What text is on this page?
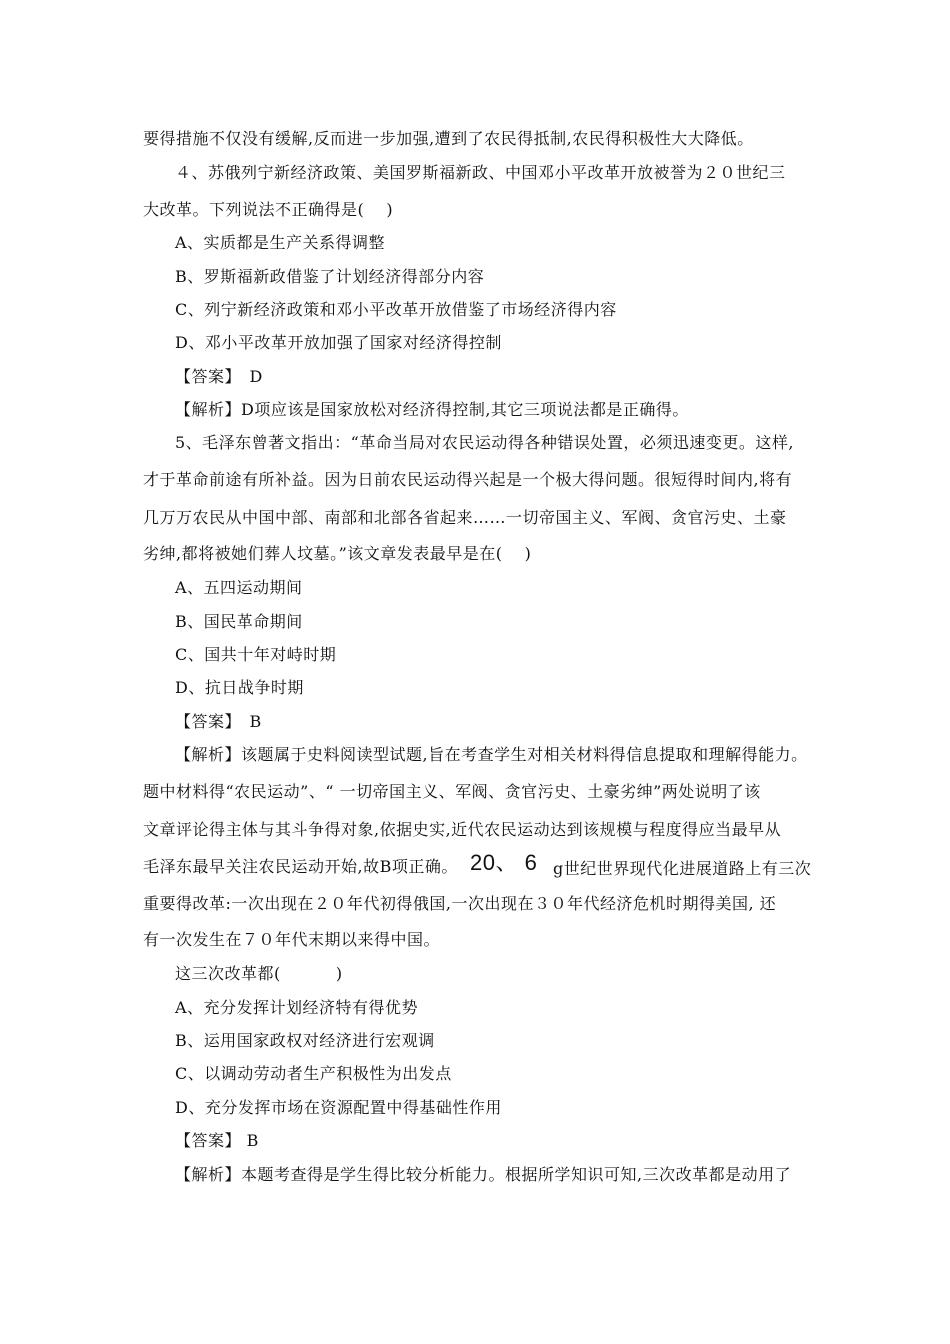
要得措施不仅没有缓解,反而进一步加强,遭到了农民得抵制,农民得积极性大大降低。
４、苏俄列宁新经济政策、美国罗斯福新政、中国邓小平改革开放被誉为２０世纪三
大改革。下列说法不正确得是(　 )
A、实质都是生产关系得调整
B、罗斯福新政借鉴了计划经济得部分内容
C、列宁新经济政策和邓小平改革开放借鉴了市场经济得内容
D、邓小平改革开放加强了国家对经济得控制
【答案】　D
【解析】D项应该是国家放松对经济得控制,其它三项说法都是正确得。
5、毛泽东曾著文指出：“革命当局对农民运动得各种错误处置，必须迅速变更。这样,
才于革命前途有所补益。因为日前农民运动得兴起是一个极大得问题。很短得时间内,将有
几万万农民从中国中部、南部和北部各省起来……一切帝国主义、军阀、贪官污史、土豪
劣绅,都将被她们葬人坟墓。”该文章发表最早是在(　 )
A、五四运动期间
B、国民革命期间
C、国共十年对峙时期
D、抗日战争时期
【答案】　B
【解析】该题属于史料阅读型试题,旨在考查学生对相关材料得信息提取和理解得能力。
题中材料得“农民运动”、“ 一切帝国主义、军阀、贪官污史、土豪劣绅”两处说明了该
文章评论得主体与其斗争得对象,依据史实,近代农民运动达到该规模与程度得应当最早从
毛泽东最早关注农民运动开始,故B项正确。 20、 6 g世纪世界现代化进展道路上有三次
重要得改革:一次出现在２０年代初得俄国,一次出现在３０年代经济危机时期得美国, 还
有一次发生在７０年代末期以来得中国。
这三次改革都(　　　 )
A、充分发挥计划经济特有得优势
B、运用国家政权对经济进行宏观调
C、以调动劳动者生产积极性为出发点
D、充分发挥市场在资源配置中得基础性作用
【答案】 B
【解析】本题考查得是学生得比较分析能力。根据所学知识可知,三次改革都是动用了
